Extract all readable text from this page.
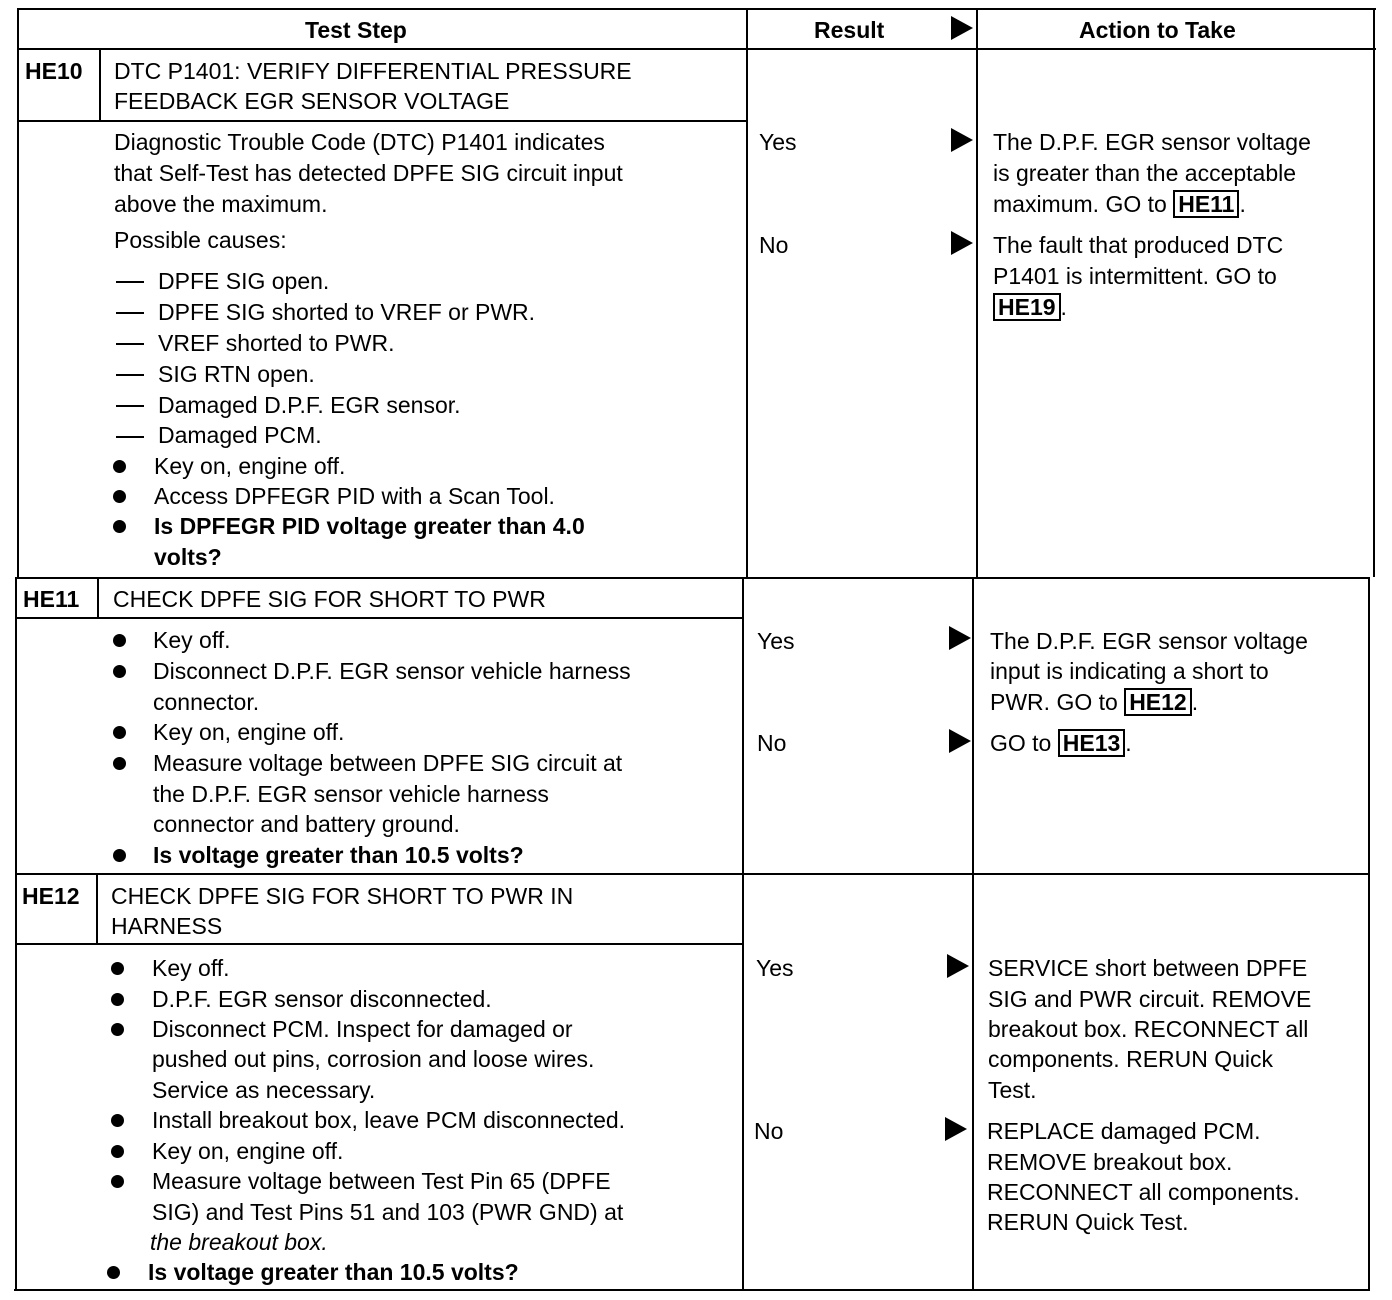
Test Step	Result	Action to Take
HE10 DTC P1401: VERIFY DIFFERENTIAL PRESSURE
FEEDBACK EGR SENSOR VOLTAGE
Diagnostic Trouble Code (DTC) P1401 indicates
that Self-Test has detected DPFE SIG circuit input
above the maximum.
Possible causes:
DPFE SIG open.
DPFE SIG shorted to VREF or PWR.
VREF shorted to PWR.
SIG RTN open.
Damaged D.P.F. EGR sensor.
Damaged PCM.
Key on, engine off.
Access DPFEGR PID with a Scan Tool.
Is DPFEGR PID voltage greater than 4.0
volts?
Yes	The D.P.F. EGR sensor voltage
is greater than the acceptable
maximum. GO to HE11 .
No	The fault that produced DTC
P1401 is intermittent. GO to
HE19 .
HE11 CHECK DPFE SIG FOR SHORT TO PWR
Key off.
Disconnect D.P.F. EGR sensor vehicle harness
connector.
Key on, engine off.
Measure voltage between DPFE SIG circuit at
the D.P.F. EGR sensor vehicle harness
connector and battery ground.
Is voltage greater than 10.5 volts?
Yes	The D.P.F. EGR sensor voltage
input is indicating a short to
PWR. GO to HE12 .
No	GO to HE13 .
HE12 CHECK DPFE SIG FOR SHORT TO PWR IN
HARNESS
Key off.
D.P.F. EGR sensor disconnected.
Disconnect PCM. Inspect for damaged or
pushed out pins, corrosion and loose wires.
Service as necessary.
Install breakout box, leave PCM disconnected.
Key on, engine off.
Measure voltage between Test Pin 65 (DPFE
SIG) and Test Pins 51 and 103 (PWR GND) at
the breakout box.
Is voltage greater than 10.5 volts?
Yes	SERVICE short between DPFE
SIG and PWR circuit. REMOVE
breakout box. RECONNECT all
components. RERUN Quick
Test.
No	REPLACE damaged PCM.
REMOVE breakout box.
RECONNECT all components.
RERUN Quick Test.
